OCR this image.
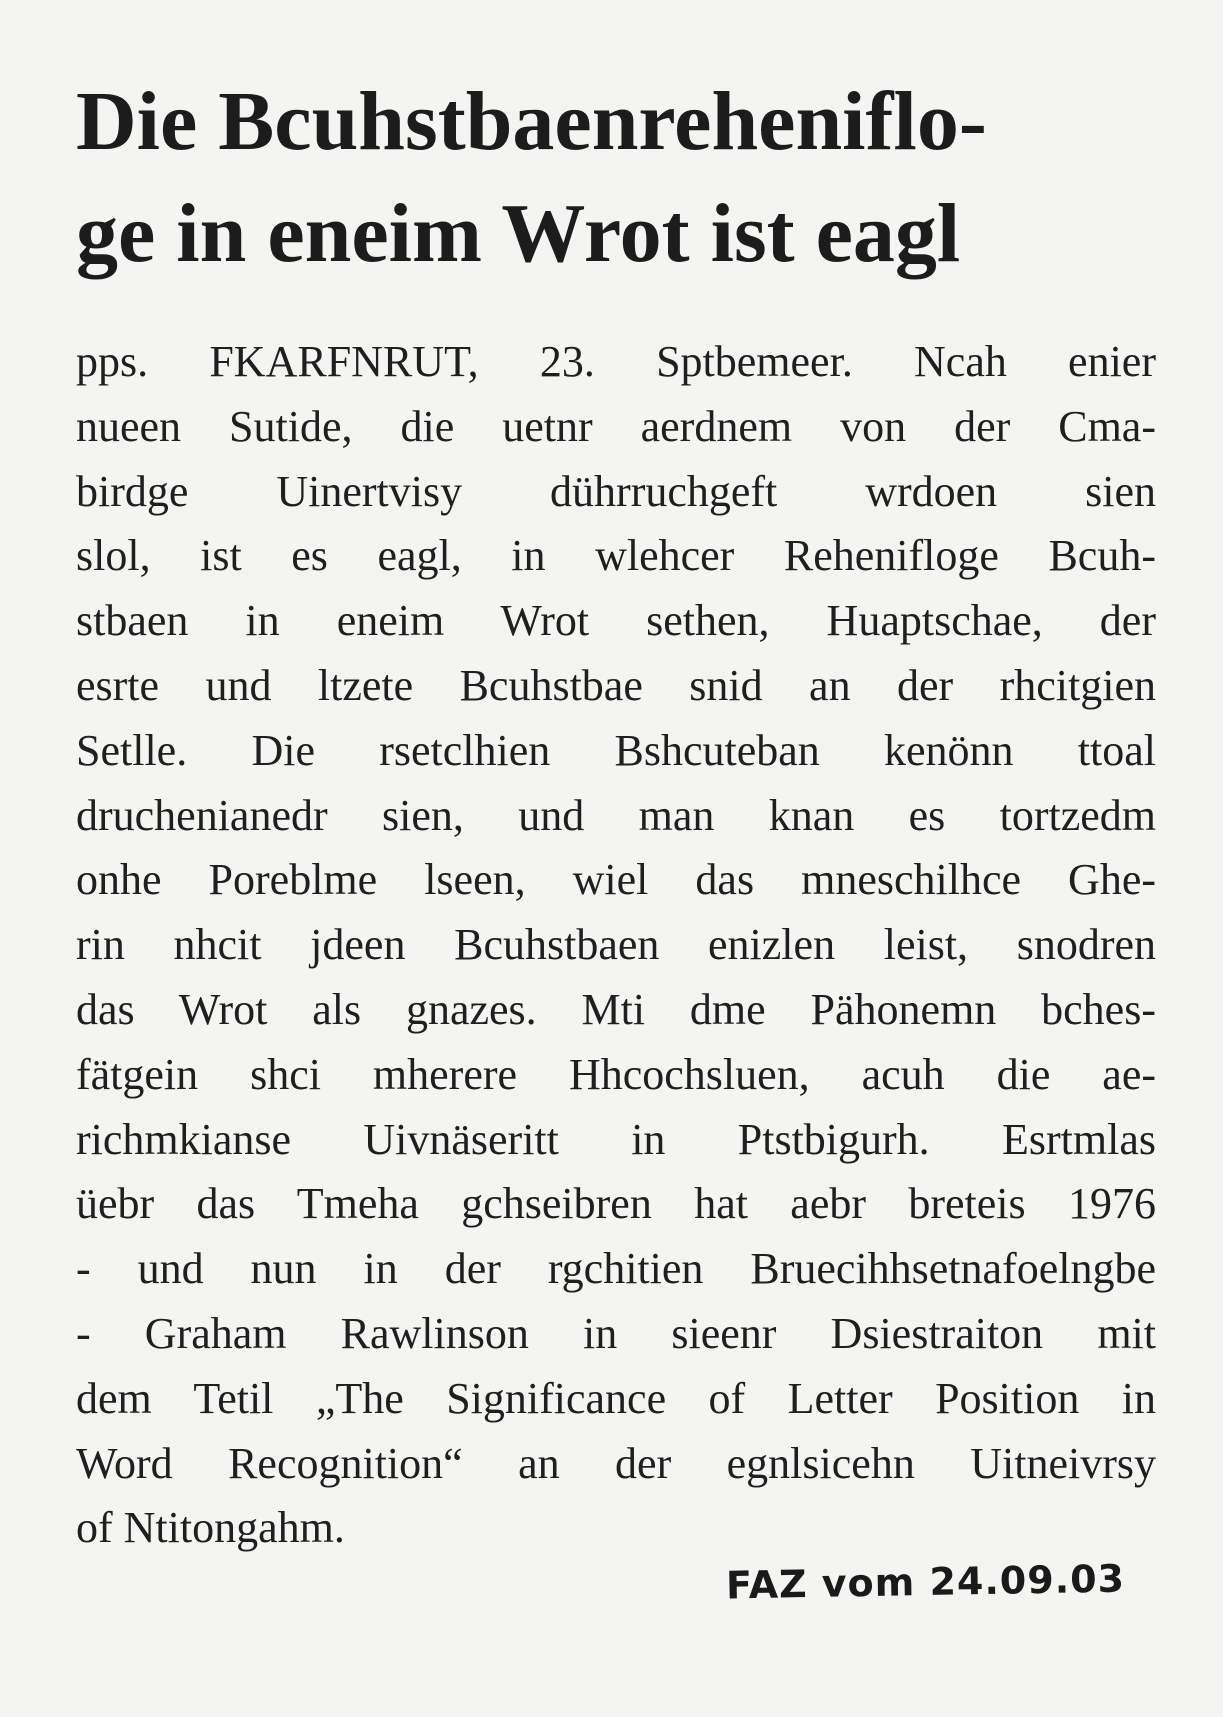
Die Bcuhstbaenreheniflo-
ge in eneim Wrot ist eagl
pps. FKARFNRUT, 23. Sptbemeer. Ncah enier
nueen Sutide, die uetnr aerdnem von der Cma-
birdge Uinertvisy dührruchgeft wrdoen sien
slol, ist es eagl, in wlehcer Rehenifloge Bcuh-
stbaen in eneim Wrot sethen, Huaptschae, der
esrte und ltzete Bcuhstbae snid an der rhcitgien
Setlle. Die rsetclhien Bshcuteban kenönn ttoal
druchenianedr sien, und man knan es tortzedm
onhe Poreblme lseen, wiel das mneschilhce Ghe-
rin nhcit jdeen Bcuhstbaen enizlen leist, snodren
das Wrot als gnazes. Mti dme Pähonemn bches-
fätgein shci mherere Hhcochsluen, acuh die ae-
richmkianse Uivnäseritt in Ptstbigurh. Esrtmlas
üebr das Tmeha gchseibren hat aebr breteis 1976
- und nun in der rgchitien Bruecihhsetnafoelngbe
- Graham Rawlinson in sieenr Dsiestraiton mit
dem Tetil „The Significance of Letter Position in
Word Recognition“ an der egnlsicehn Uitneivrsy
of Ntitongahm.
FAZ vom 24.09.03
